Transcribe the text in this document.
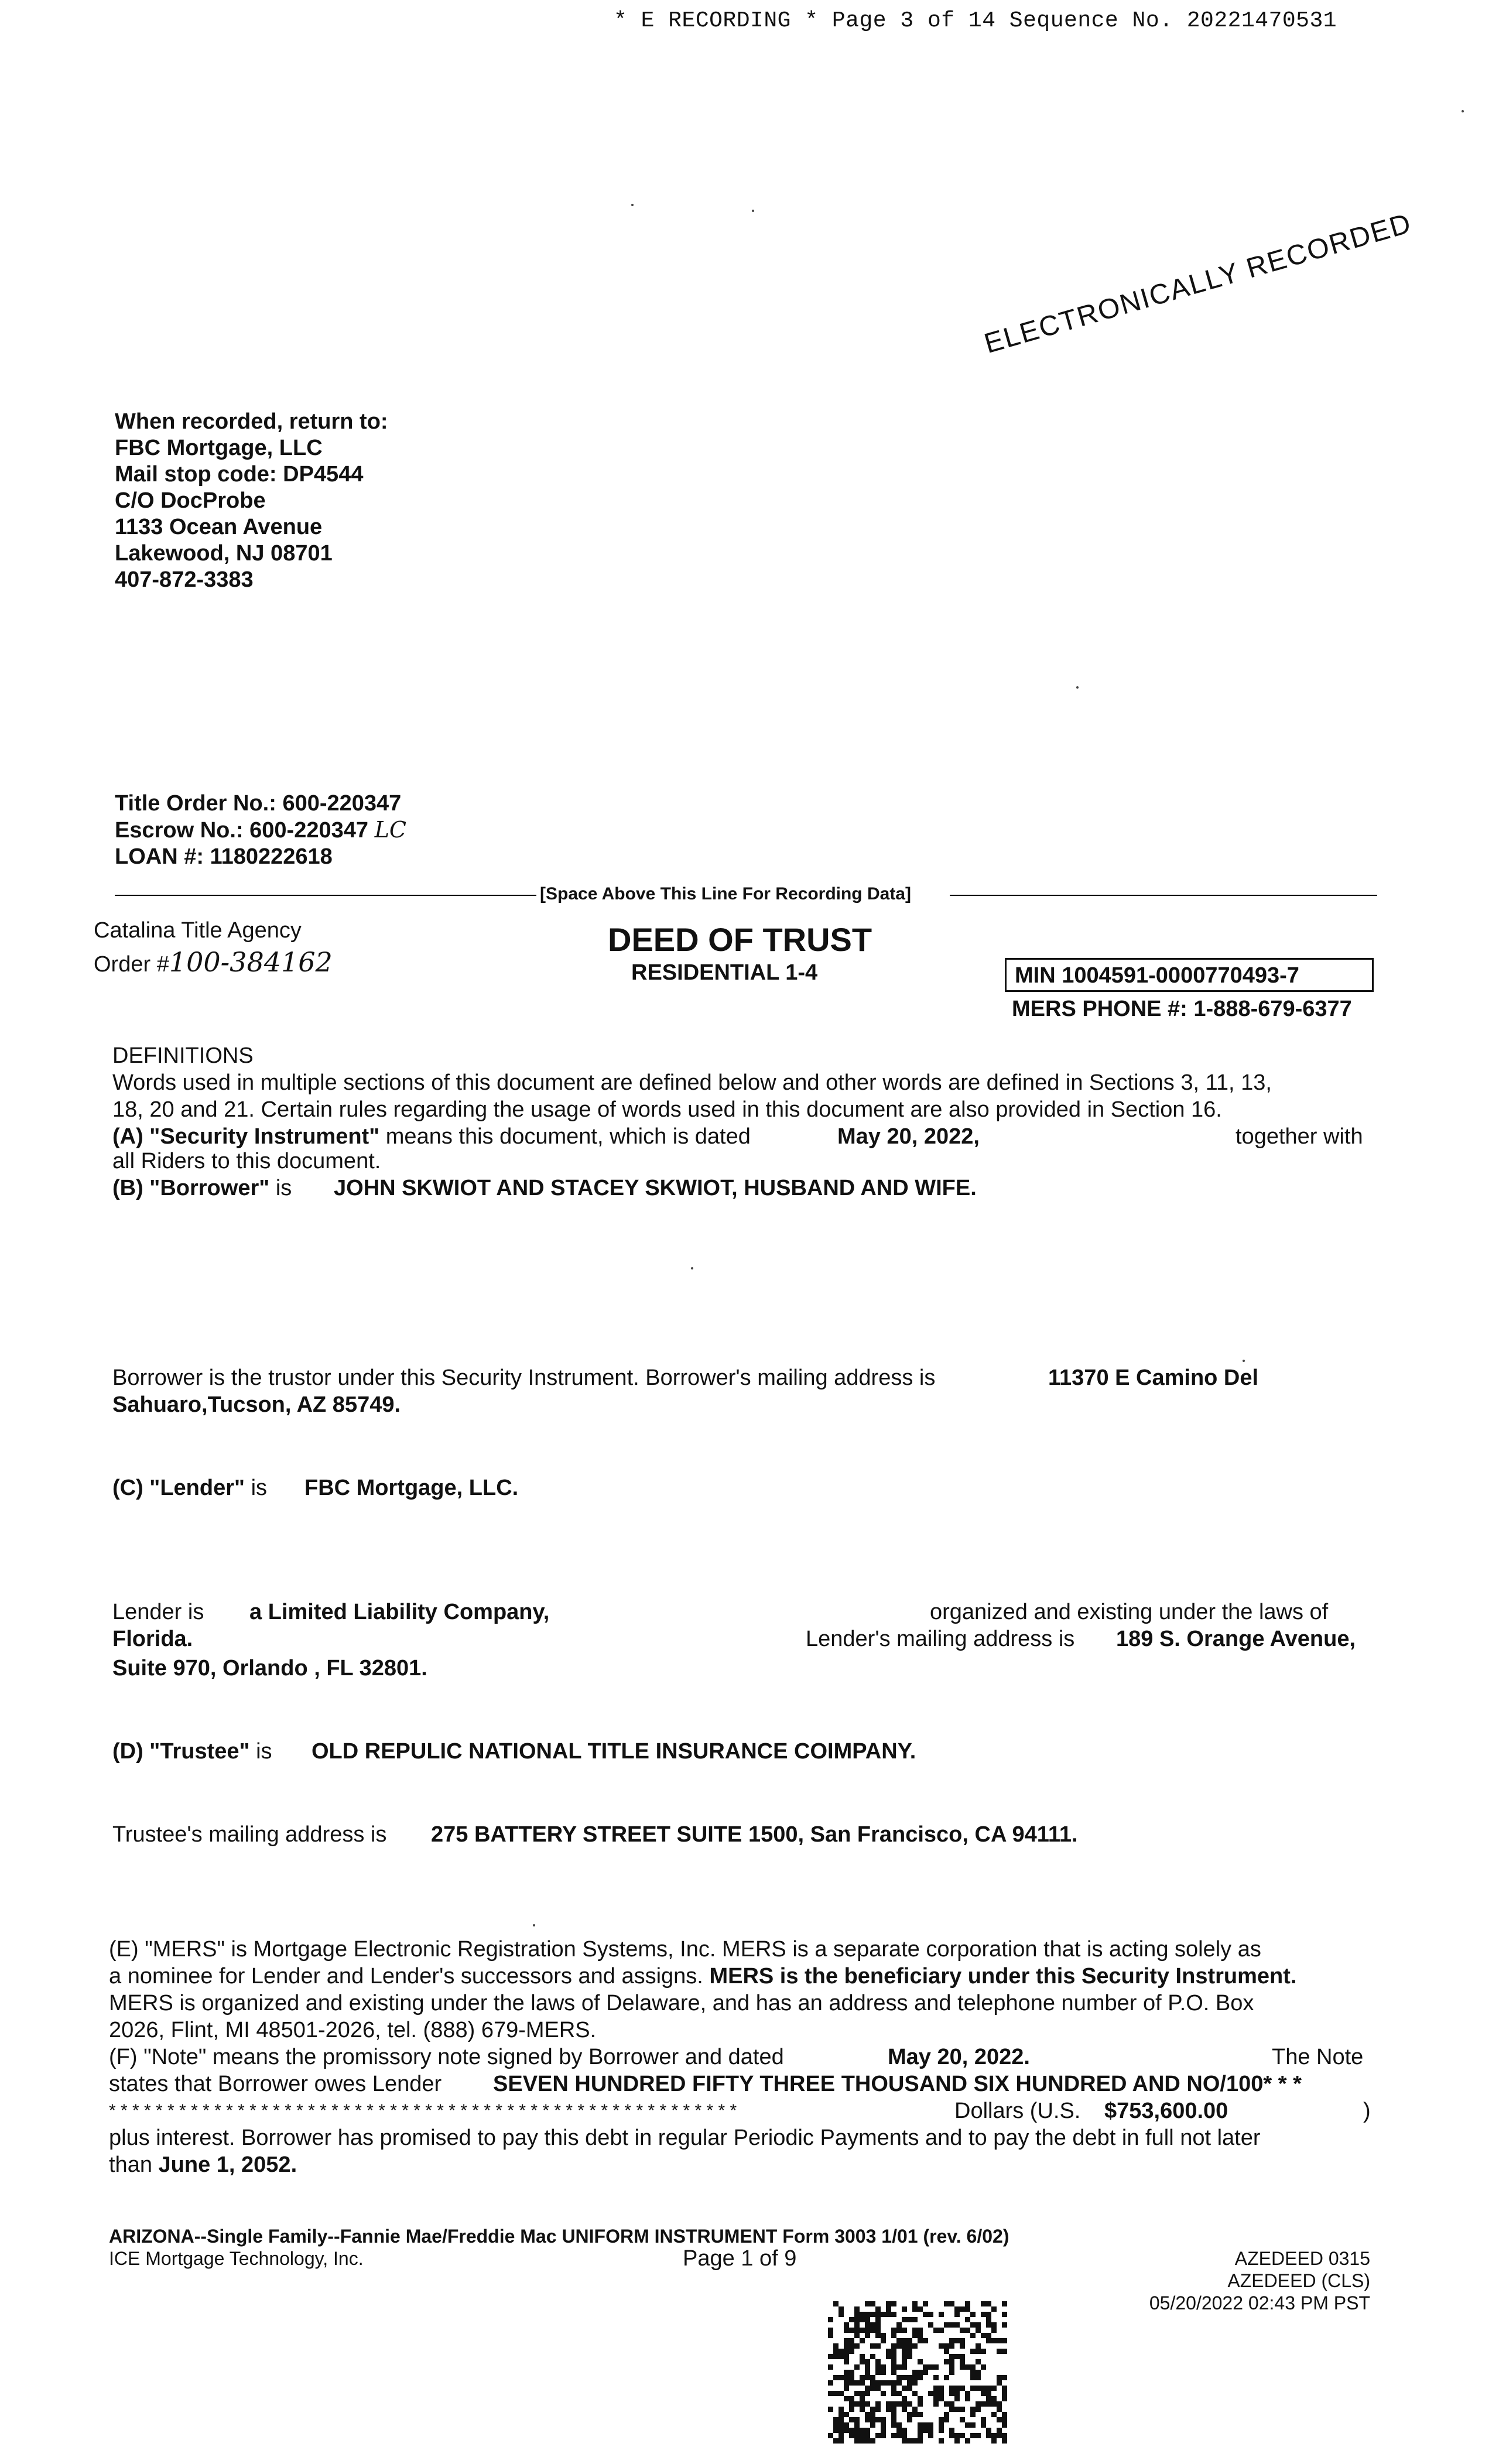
* E RECORDING * Page 3 of 14 Sequence No. 20221470531
ELECTRONICALLY RECORDED
When recorded, return to:
FBC Mortgage, LLC
Mail stop code: DP4544
C/O DocProbe
1133 Ocean Avenue
Lakewood, NJ 08701
407-872-3383
Title Order No.: 600-220347
Escrow No.: 600-220347 LC
LOAN #: 1180222618
[Space Above This Line For Recording Data]
Catalina Title Agency
Order #100-384162
DEED OF TRUST
RESIDENTIAL 1-4	MIN 1004591-0000770493-7
MERS PHONE #: 1-888-679-6377
DEFINITIONS
Words used in multiple sections of this document are defined below and other words are defined in Sections 3, 11, 13,
18, 20 and 21. Certain rules regarding the usage of words used in this document are also provided in Section 16.
(A) "Security Instrument" means this document, which is dated	May 20, 2022,	together with
all Riders to this document.
(B) "Borrower" is JOHN SKWIOT AND STACEY SKWIOT, HUSBAND AND WIFE.
Borrower is the trustor under this Security Instrument. Borrower's mailing address is	11370 E Camino Del
Sahuaro,Tucson, AZ 85749.
(C) "Lender" is FBC Mortgage, LLC.
Lender is a Limited Liability Company,	organized and existing under the laws of
Florida.	Lender's mailing address is 189 S. Orange Avenue,
Suite 970, Orlando , FL 32801.
(D) "Trustee" is OLD REPULIC NATIONAL TITLE INSURANCE COIMPANY.
Trustee's mailing address is 275 BATTERY STREET SUITE 1500, San Francisco, CA 94111.
(E) "MERS" is Mortgage Electronic Registration Systems, Inc. MERS is a separate corporation that is acting solely as
a nominee for Lender and Lender's successors and assigns. MERS is the beneficiary under this Security Instrument.
MERS is organized and existing under the laws of Delaware, and has an address and telephone number of P.O. Box
2026, Flint, MI 48501-2026, tel. (888) 679-MERS.
(F) "Note" means the promissory note signed by Borrower and dated	May 20, 2022.	The Note
states that Borrower owes Lender SEVEN HUNDRED FIFTY THREE THOUSAND SIX HUNDRED AND NO/100* * *
* * * * * * * * * * * * * * * * * * * * * * * * * * * * * * * * * * * * * * * * * * * * * * * * * * * * * *	Dollars (U.S. $753,600.00	)
plus interest. Borrower has promised to pay this debt in regular Periodic Payments and to pay the debt in full not later
than June 1, 2052.
ARIZONA--Single Family--Fannie Mae/Freddie Mac UNIFORM INSTRUMENT Form 3003 1/01 (rev. 6/02)
ICE Mortgage Technology, Inc.	Page 1 of 9	AZEDEED 0315
AZEDEED (CLS)
05/20/2022 02:43 PM PST
